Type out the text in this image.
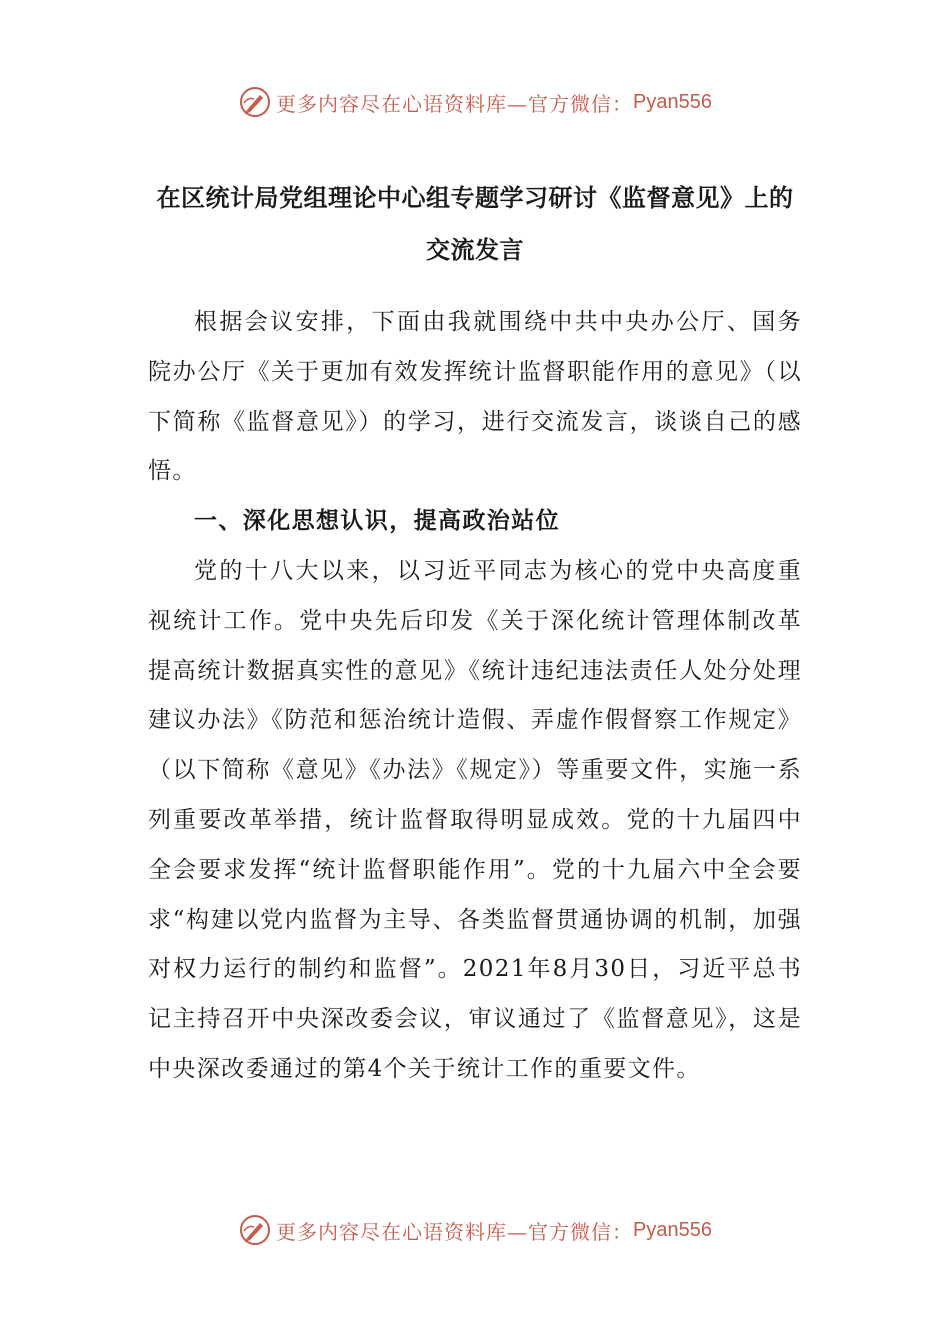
更多内容尽在心语资料库—官方微信： Pyan556
在区统计局党组理论中心组专题学习研讨《监督意见》上的交流发言

根据会议安排，下面由我就围绕中共中央办公厅、国务院办公厅《关于更加有效发挥统计监督职能作用的意见》（以下简称《监督意见》）的学习，进行交流发言，谈谈自己的感悟。

一、深化思想认识，提高政治站位

党的十八大以来，以习近平同志为核心的党中央高度重视统计工作。党中央先后印发《关于深化统计管理体制改革提高统计数据真实性的意见》《统计违纪违法责任人处分处理建议办法》《防范和惩治统计造假、弄虚作假督察工作规定》（以下简称《意见》《办法》《规定》）等重要文件，实施一系列重要改革举措，统计监督取得明显成效。党的十九届四中全会要求发挥“统计监督职能作用”。党的十九届六中全会要求“构建以党内监督为主导、各类监督贯通协调的机制，加强对权力运行的制约和监督”。2021年8月30日，习近平总书记主持召开中央深改委会议，审议通过了《监督意见》，这是中央深改委通过的第4个关于统计工作的重要文件。

更多内容尽在心语资料库—官方微信： Pyan556
